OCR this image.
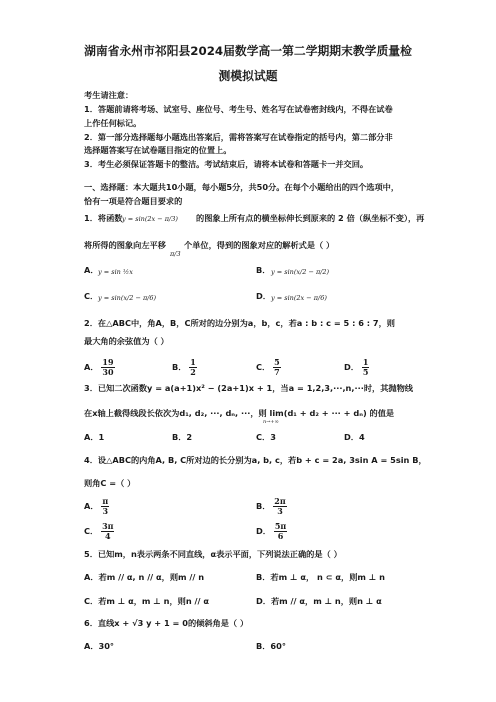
湖南省永州市祁阳县2024届数学高一第二学期期末教学质量检
测模拟试题
考生请注意：
1．答题前请将考场、试室号、座位号、考生号、姓名写在试卷密封线内，不得在试卷
上作任何标记。
2．第一部分选择题每小题选出答案后，需将答案写在试卷指定的括号内，第二部分非
选择题答案写在试卷题目指定的位置上。
3．考生必须保证答题卡的整洁。考试结束后，请将本试卷和答题卡一并交回。
一、选择题：本大题共10小题，每小题5分，共50分。在每个小题给出的四个选项中，
恰有一项是符合题目要求的
1．将函数 y = sin(2x − π/3) 的图象上所有点的横坐标伸长到原来的 2 倍（纵坐标不变），再
将所得的图象向左平移
π/3
个单位，得到的图象对应的解析式是（ ）
A． y = sin ½x	B． y = sin(x/2 − π/2)
C． y = sin(x/2 − π/6)	D． y = sin(2x − π/6)
2．在△ABC中，角A，B，C所对的边分别为a，b，c，若a : b : c = 5 : 6 : 7，则
最大角的余弦值为（ ）
A． $\frac{19}{30}$	B． $\frac{1}{2}$	C． $\frac{5}{7}$	D． $\frac{1}{5}$
3．已知二次函数y = a(a+1)x² − (2a+1)x + 1，当a = 1,2,3,···,n,···时，其抛物线
在x轴上截得线段长依次为d₁, d₂, ···, dₙ, ···，则 lim(d₁ + d₂ + ··· + dₙ) 的值是
n→+∞
A．1	B．2	C．3	D．4
4．设△ABC的内角A, B, C所对边的长分别为a, b, c，若b + c = 2a, 3sin A = 5sin B，
则角C =（ ）
A． $\frac{\pi}{3}$	B． $\frac{2\pi}{3}$
C． $\frac{3\pi}{4}$	D． $\frac{5\pi}{6}$
5．已知m，n表示两条不同直线，α表示平面，下列说法正确的是（ ）
A．若m // α, n // α，则m // n	B．若m ⊥ α， n ⊂ α，则m ⊥ n
C．若m ⊥ α，m ⊥ n，则n // α	D．若m // α，m ⊥ n，则n ⊥ α
6．直线x + √3 y + 1 = 0的倾斜角是（ ）
A．30°	B．60°
